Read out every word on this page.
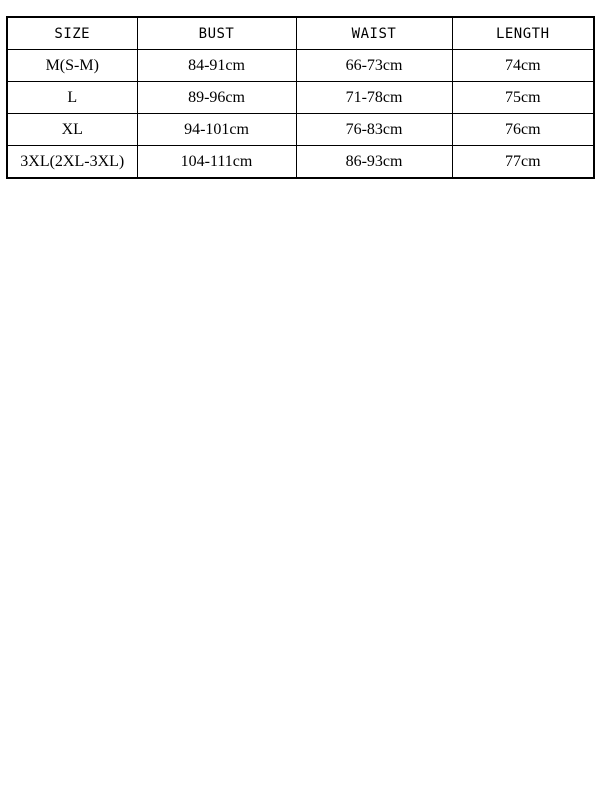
SIZE	BUST	WAIST	LENGTH
M(S-M)	84-91cm	66-73cm	74cm
L	89-96cm	71-78cm	75cm
XL	94-101cm	76-83cm	76cm
3XL(2XL-3XL)	104-111cm	86-93cm	77cm
